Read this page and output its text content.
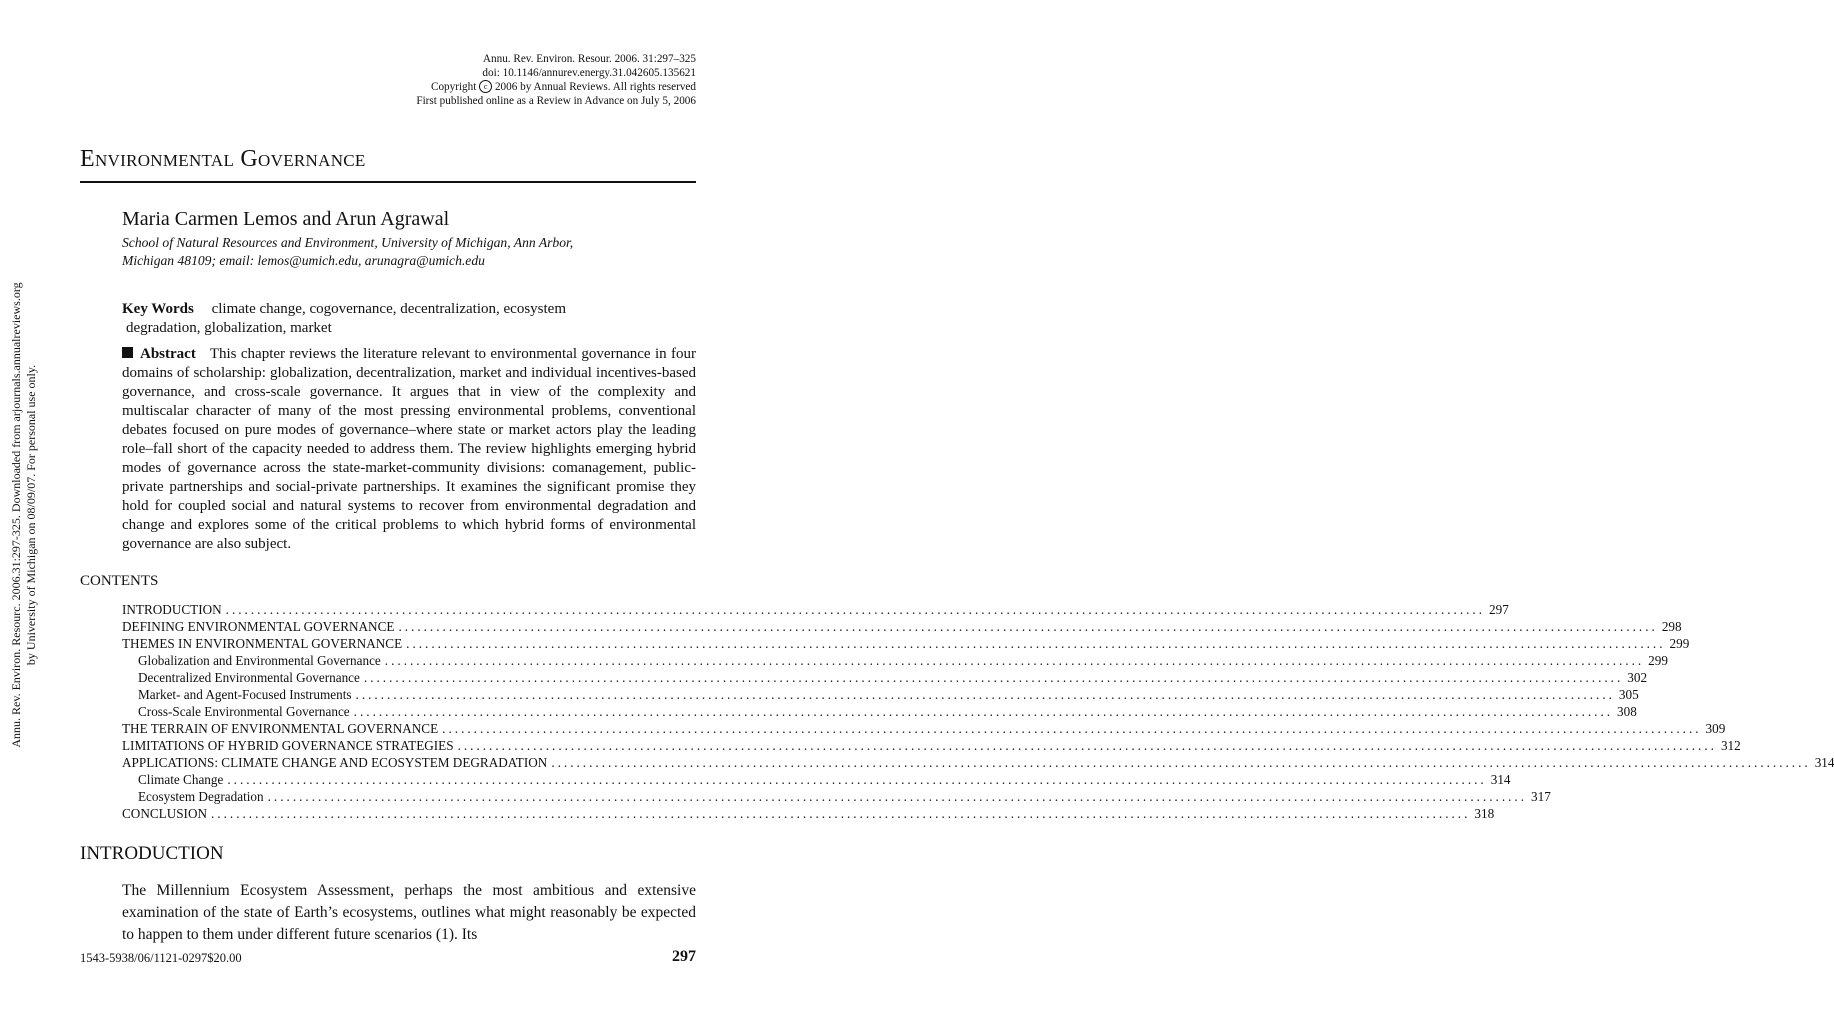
Annu. Rev. Environ. Resourc. 2006.31:297-325. Downloaded from arjournals.annualreviews.org by University of Michigan on 08/09/07. For personal use only.
Annu. Rev. Environ. Resour. 2006. 31:297–325
doi: 10.1146/annurev.energy.31.042605.135621
Copyright c 2006 by Annual Reviews. All rights reserved
First published online as a Review in Advance on July 5, 2006
Environmental Governance
Maria Carmen Lemos and Arun Agrawal
School of Natural Resources and Environment, University of Michigan, Ann Arbor,
Michigan 48109; email: lemos@umich.edu, arunagra@umich.edu
Key Words climate change, cogovernance, decentralization, ecosystem
degradation, globalization, market
Abstract This chapter reviews the literature relevant to environmental governance in four domains of scholarship: globalization, decentralization, market and individual incentives-based governance, and cross-scale governance. It argues that in view of the complexity and multiscalar character of many of the most pressing environmental problems, conventional debates focused on pure modes of governance–where state or market actors play the leading role–fall short of the capacity needed to address them. The review highlights emerging hybrid modes of governance across the state-market-community divisions: comanagement, public-private partnerships and social-private partnerships. It examines the significant promise they hold for coupled social and natural systems to recover from environmental degradation and change and explores some of the critical problems to which hybrid forms of environmental governance are also subject.
CONTENTS
INTRODUCTION ........................................................................................................................................................................................................ 297
DEFINING ENVIRONMENTAL GOVERNANCE ........................................................................................................................................................................................................ 298
THEMES IN ENVIRONMENTAL GOVERNANCE ........................................................................................................................................................................................................ 299
Globalization and Environmental Governance ........................................................................................................................................................................................................ 299
Decentralized Environmental Governance ........................................................................................................................................................................................................ 302
Market- and Agent-Focused Instruments ........................................................................................................................................................................................................ 305
Cross-Scale Environmental Governance ........................................................................................................................................................................................................ 308
THE TERRAIN OF ENVIRONMENTAL GOVERNANCE ........................................................................................................................................................................................................ 309
LIMITATIONS OF HYBRID GOVERNANCE STRATEGIES ........................................................................................................................................................................................................ 312
APPLICATIONS: CLIMATE CHANGE AND ECOSYSTEM DEGRADATION ........................................................................................................................................................................................................ 314
Climate Change ........................................................................................................................................................................................................ 314
Ecosystem Degradation ........................................................................................................................................................................................................ 317
CONCLUSION ........................................................................................................................................................................................................ 318
INTRODUCTION
The Millennium Ecosystem Assessment, perhaps the most ambitious and extensive examination of the state of Earth’s ecosystems, outlines what might reasonably be expected to happen to them under different future scenarios (1). Its
1543-5938/06/1121-0297$20.00	297
